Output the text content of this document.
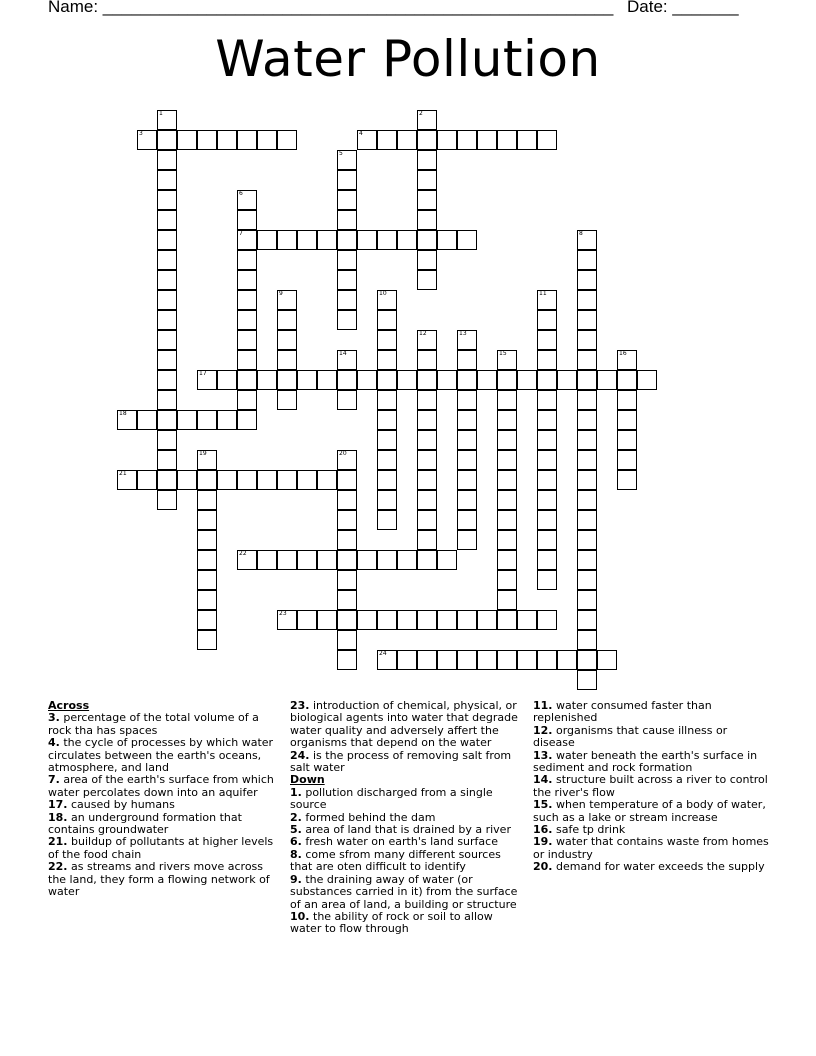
Name: ______________________________________________________ Date: _______
Water Pollution
1	2
3	4
5
6
7	8
9	10	11
12	13
14	15	16
17
18
19	20
21
22
23
24
Across

3. percentage of the total volume of a rock tha has spaces

4. the cycle of processes by which water circulates between the earth's oceans, atmosphere, and land

7. area of the earth's surface from which water percolates down into an aquifer

17. caused by humans

18. an underground formation that contains groundwater

21. buildup of pollutants at higher levels of the food chain

22. as streams and rivers move across the land, they form a flowing network of water

23. introduction of chemical, physical, or biological agents into water that degrade water quality and adversely affert the organisms that depend on the water

24. is the process of removing salt from salt water

Down

1. pollution discharged from a single source

2. formed behind the dam

5. area of land that is drained by a river

6. fresh water on earth's land surface

8. come sfrom many different sources that are oten difficult to identify

9. the draining away of water (or substances carried in it) from the surface of an area of land, a building or structure

10. the ability of rock or soil to allow water to flow through

11. water consumed faster than replenished

12. organisms that cause illness or disease

13. water beneath the earth's surface in sediment and rock formation

14. structure built across a river to control the river's flow

15. when temperature of a body of water, such as a lake or stream increase

16. safe tp drink

19. water that contains waste from homes or industry

20. demand for water exceeds the supply
